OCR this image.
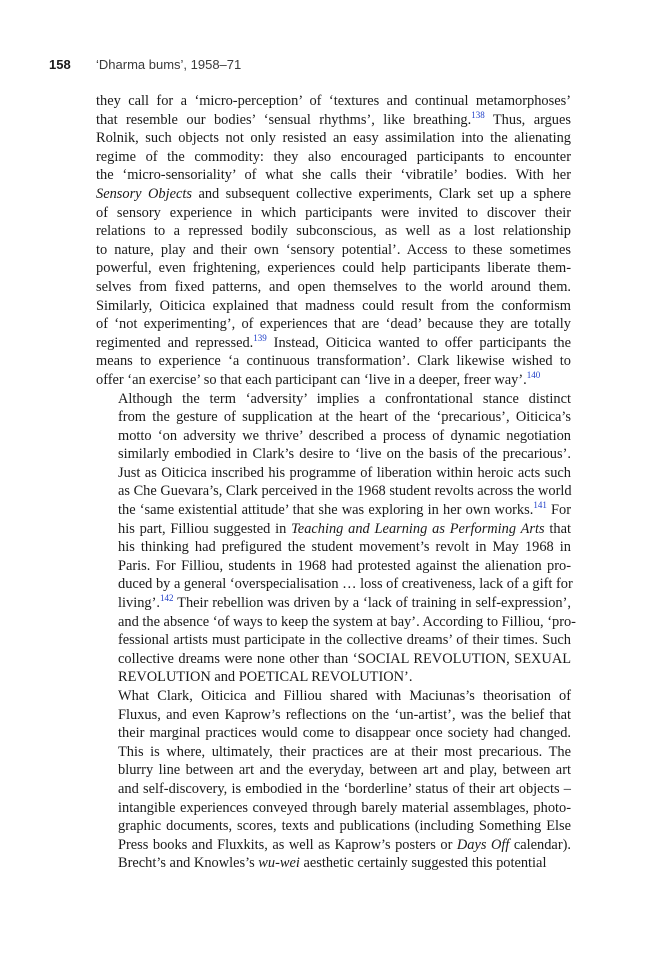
158 ‘Dharma bums’, 1958–71

they call for a ‘micro-perception’ of ‘textures and continual metamorphoses’
that resemble our bodies’ ‘sensual rhythms’, like breathing.$^{138}$ Thus, argues
Rolnik, such objects not only resisted an easy assimilation into the alienating
regime of the commodity: they also encouraged participants to encounter
the ‘micro-sensoriality’ of what she calls their ‘vibratile’ bodies. With her
Sensory Objects and subsequent collective experiments, Clark set up a sphere
of sensory experience in which participants were invited to discover their
relations to a repressed bodily subconscious, as well as a lost relationship
to nature, play and their own ‘sensory potential’. Access to these sometimes
powerful, even frightening, experiences could help participants liberate them-
selves from fixed patterns, and open themselves to the world around them.
Similarly, Oiticica explained that madness could result from the conformism
of ‘not experimenting’, of experiences that are ‘dead’ because they are totally
regimented and repressed.$^{139}$ Instead, Oiticica wanted to offer participants the
means to experience ‘a continuous transformation’. Clark likewise wished to
offer ‘an exercise’ so that each participant can ‘live in a deeper, freer way’.$^{140}$

Although the term ‘adversity’ implies a confrontational stance distinct
from the gesture of supplication at the heart of the ‘precarious’, Oiticica’s
motto ‘on adversity we thrive’ described a process of dynamic negotiation
similarly embodied in Clark’s desire to ‘live on the basis of the precarious’.
Just as Oiticica inscribed his programme of liberation within heroic acts such
as Che Guevara’s, Clark perceived in the 1968 student revolts across the world
the ‘same existential attitude’ that she was exploring in her own works.$^{141}$ For
his part, Filliou suggested in Teaching and Learning as Performing Arts that
his thinking had prefigured the student movement’s revolt in May 1968 in
Paris. For Filliou, students in 1968 had protested against the alienation pro-
duced by a general ‘overspecialisation … loss of creativeness, lack of a gift for
living’.$^{142}$ Their rebellion was driven by a ‘lack of training in self-expression’,
and the absence ‘of ways to keep the system at bay’. According to Filliou, ‘pro-
fessional artists must participate in the collective dreams’ of their times. Such
collective dreams were none other than ‘SOCIAL REVOLUTION, SEXUAL
REVOLUTION and POETICAL REVOLUTION’.

What Clark, Oiticica and Filliou shared with Maciunas’s theorisation of
Fluxus, and even Kaprow’s reflections on the ‘un-artist’, was the belief that
their marginal practices would come to disappear once society had changed.
This is where, ultimately, their practices are at their most precarious. The
blurry line between art and the everyday, between art and play, between art
and self-discovery, is embodied in the ‘borderline’ status of their art objects –
intangible experiences conveyed through barely material assemblages, photo-
graphic documents, scores, texts and publications (including Something Else
Press books and Fluxkits, as well as Kaprow’s posters or Days Off calendar).
Brecht’s and Knowles’s wu-wei aesthetic certainly suggested this potential
